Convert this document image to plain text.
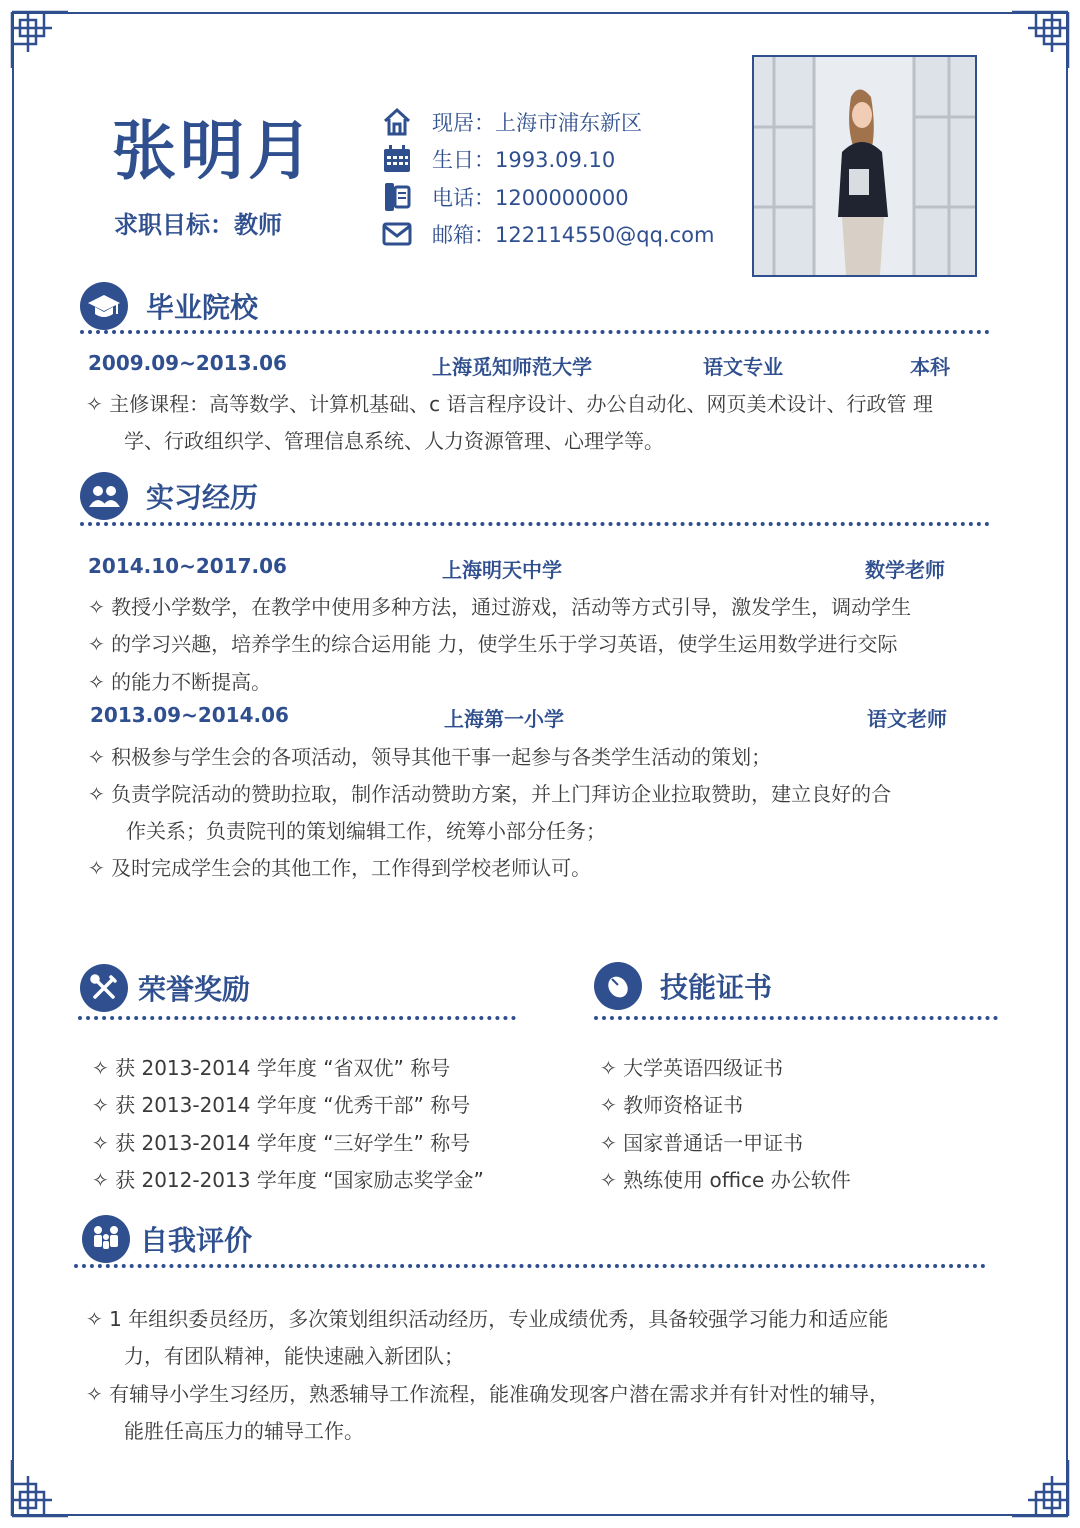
张明月
求职目标：教师
现居：上海市浦东新区
生日：1993.09.10
电话：1200000000
邮箱：122114550@qq.com
毕业院校
2009.09~2013.06	上海觅知师范大学	语文专业	本科
✧ 主修课程：高等数学、计算机基础、c 语言程序设计、办公自动化、网页美术设计、行政管 理
学、行政组织学、管理信息系统、人力资源管理、心理学等。
实习经历
2014.10~2017.06	上海明天中学	数学老师
✧ 教授小学数学，在教学中使用多种方法，通过游戏，活动等方式引导，激发学生，调动学生
✧ 的学习兴趣，培养学生的综合运用能 力，使学生乐于学习英语，使学生运用数学进行交际
✧ 的能力不断提高。
2013.09~2014.06	上海第一小学	语文老师
✧ 积极参与学生会的各项活动，领导其他干事一起参与各类学生活动的策划；
✧ 负责学院活动的赞助拉取，制作活动赞助方案，并上门拜访企业拉取赞助，建立良好的合
作关系；负责院刊的策划编辑工作，统筹小部分任务；
✧ 及时完成学生会的其他工作，工作得到学校老师认可。
荣誉奖励
✧ 获 2013-2014 学年度 “省双优” 称号
✧ 获 2013-2014 学年度 “优秀干部” 称号
✧ 获 2013-2014 学年度 “三好学生” 称号
✧ 获 2012-2013 学年度 “国家励志奖学金”
技能证书
✧ 大学英语四级证书
✧ 教师资格证书
✧ 国家普通话一甲证书
✧ 熟练使用 office 办公软件
自我评价
✧ 1 年组织委员经历，多次策划组织活动经历，专业成绩优秀，具备较强学习能力和适应能
力，有团队精神，能快速融入新团队；
✧ 有辅导小学生习经历，熟悉辅导工作流程，能准确发现客户潜在需求并有针对性的辅导，
能胜任高压力的辅导工作。
